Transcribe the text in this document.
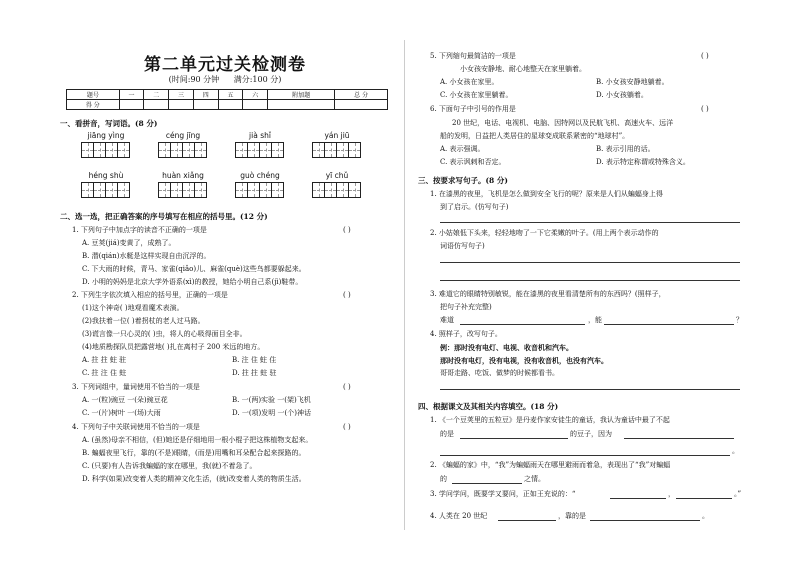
第二单元过关检测卷
(时间:90 分钟 满分:100 分)
题号	一	二	三	四	五	六	附加题	总 分
得 分								
一、看拼音，写词语。(8 分)
jiāng yìng	céng jīng	jià shǐ	yán jiū
héng shù	huàn xiǎng	guò chéng	yī chǔ
二、选一选，把正确答案的序号填写在相应的括号里。(12 分)
1. 下列句子中加点字的读音不正确的一项是	( )
A. 豆荚(jiá)变黄了，成熟了。
B. 潜(qián)水艇是这样实现自由沉浮的。
C. 下大雨的时候，青马、家雀(qiǎo)儿、麻雀(què)这些鸟都要躲起来。
D. 小明的妈妈是北京大学外语系(xì)的教授，她给小明自己系(jì)鞋带。
2. 下列生字依次填入相应的括号里，正确的一项是	( )
(1)这个神奇( )地观看魔术表演。
(2)我扶着一位( )着拐杖的老人过马路。
(3)谎言像一只心灵的( )虫，将人的心吸得面目全非。
(4)地质勘探队员把露营地( )扎在离村子 200 米远的地方。
A. 拄 拄 蛀 驻	B. 注 住 蛀 住
C. 拄 注 住 蛀	D. 拄 拄 蛀 驻
3. 下列词组中，量词使用不恰当的一项是	( )
A. 一(粒)豌豆 一(朵)豌豆花	B. 一(两)实验 一(架)飞机
C. 一(片)树叶 一(场)大雨	D. 一(项)发明 一(个)神话
4. 下列句子中关联词使用不恰当的一项是	( )
A. (虽然)母亲不相信，(但)她还是仔细地用一根小棍子把这株植物支起来。
B. 蝙蝠夜里飞行，靠的(不是)眼睛，(而是)用嘴和耳朵配合起来探路的。
C. (只要)有人告诉我蝙蝠的家在哪里，我(就)不着急了。
D. 科学(如果)改变着人类的精神文化生活，(就)改变着人类的物质生活。
5. 下列缩句最简洁的一项是	( )
小女孩安静地、耐心地整天在家里躺着。
A. 小女孩在家里。	B. 小女孩安静地躺着。
C. 小女孩在家里躺着。	D. 小女孩躺着。
6. 下面句子中引号的作用是	( )
20 世纪，电话、电视机、电脑、因特网以及民航飞机、高速火车、远洋
船的发明，日益把人类居住的星球变成联系紧密的“地球村”。
A. 表示强调。	B. 表示引用的话。
C. 表示讽刺和否定。	D. 表示特定称谓或特殊含义。
三、按要求写句子。(8 分)
1. 在漆黑的夜里，飞机是怎么做到安全飞行的呢？原来是人们从蝙蝠身上得
到了启示。(仿写句子)
2. 小姑娘低下头来，轻轻地吻了一下它柔嫩的叶子。(用上两个表示动作的
词语仿写句子)
3. 难道它的眼睛特别敏锐，能在漆黑的夜里看清楚所有的东西吗？(照样子，
把句子补充完整)
难道	，能	？
4. 照样子，改写句子。
例：那时没有电灯、电视、收音机和汽车。
那时没有电灯，没有电视，没有收音机，也没有汽车。
哥哥走路、吃饭、做梦的时候都看书。
四、根据课文及其相关内容填空。(18 分)
1. 《一个豆荚里的五粒豆》是丹麦作家安徒生的童话，我认为童话中最了不起
的是	的豆子，因为
。
2. 《蝙蝠的家》中，“我”为蝙蝠雨天在哪里避雨而着急，表现出了“我”对蝙蝠
的	之情。
3. 学问学问，既要学又要问，正如王充说的：“	，	。”
4. 人类在 20 世纪	，靠的是	。
